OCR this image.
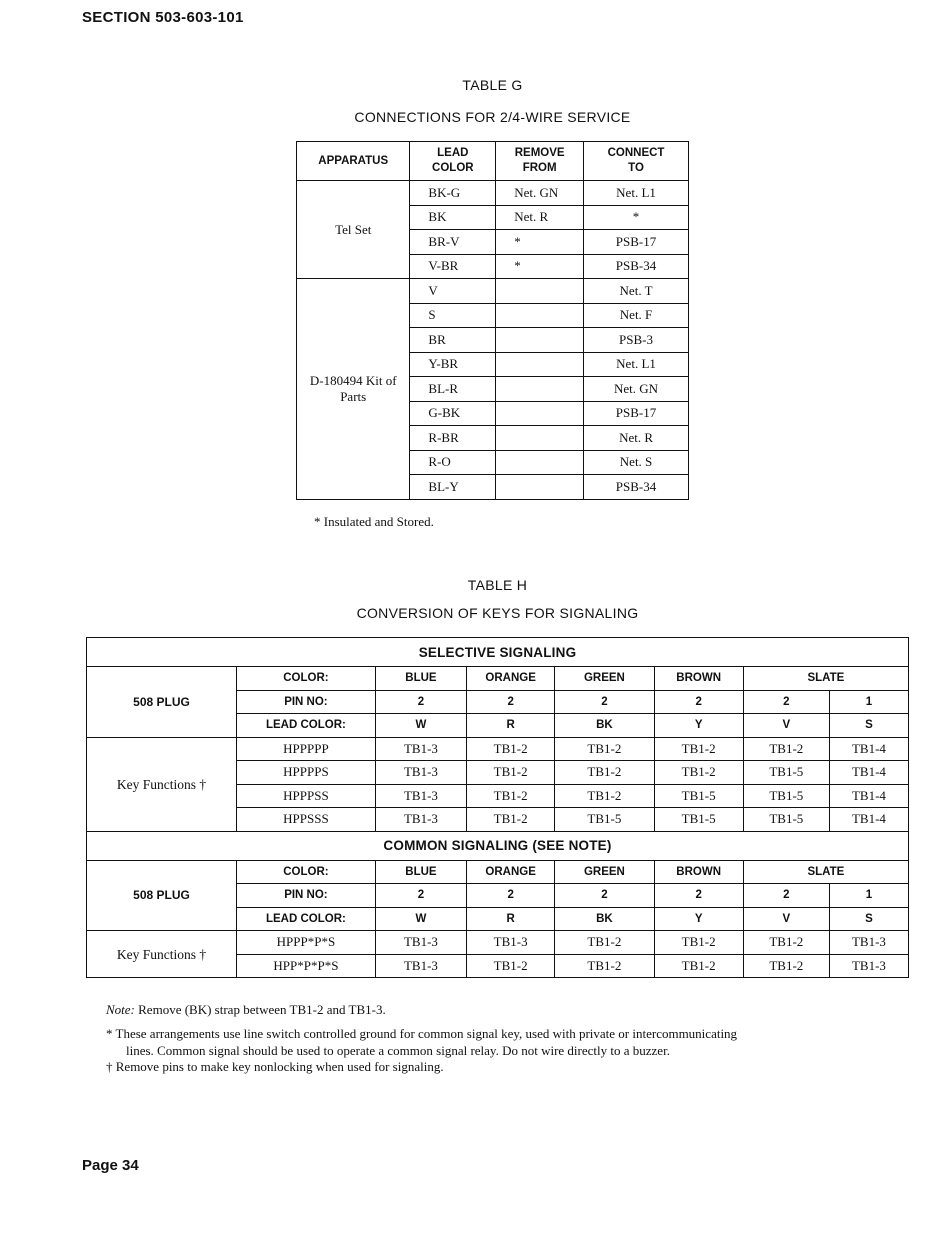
SECTION 503-603-101
TABLE G
CONNECTIONS FOR 2/4-WIRE SERVICE
APPARATUS	LEAD COLOR	REMOVE FROM	CONNECT TO
Tel Set	BK-G	Net. GN	Net. L1
	BK	Net. R	*
	BR-V	*	PSB-17
	V-BR	*	PSB-34
D-180494 Kit of Parts	V		Net. T
	S		Net. F
	BR		PSB-3
	Y-BR		Net. L1
	BL-R		Net. GN
	G-BK		PSB-17
	R-BR		Net. R
	R-O		Net. S
	BL-Y		PSB-34
* Insulated and Stored.
TABLE H
CONVERSION OF KEYS FOR SIGNALING
SELECTIVE SIGNALING							
508 PLUG	COLOR:	BLUE	ORANGE	GREEN	BROWN	SLATE	
	PIN NO:	2	2	2	2	2	1
	LEAD COLOR:	W	R	BK	Y	V	S
Key Functions †	HPPPPP	TB1-3	TB1-2	TB1-2	TB1-2	TB1-2	TB1-4
	HPPPPS	TB1-3	TB1-2	TB1-2	TB1-2	TB1-5	TB1-4
	HPPPSS	TB1-3	TB1-2	TB1-2	TB1-5	TB1-5	TB1-4
	HPPSSS	TB1-3	TB1-2	TB1-5	TB1-5	TB1-5	TB1-4
COMMON SIGNALING (SEE NOTE)							
508 PLUG	COLOR:	BLUE	ORANGE	GREEN	BROWN	SLATE	
	PIN NO:	2	2	2	2	2	1
	LEAD COLOR:	W	R	BK	Y	V	S
Key Functions †	HPPP*P*S	TB1-3	TB1-3	TB1-2	TB1-2	TB1-2	TB1-3
	HPP*P*P*S	TB1-3	TB1-2	TB1-2	TB1-2	TB1-2	TB1-3
Note: Remove (BK) strap between TB1-2 and TB1-3.
* These arrangements use line switch controlled ground for common signal key, used with private or intercommunicating
lines. Common signal should be used to operate a common signal relay. Do not wire directly to a buzzer.
† Remove pins to make key nonlocking when used for signaling.
Page 34
